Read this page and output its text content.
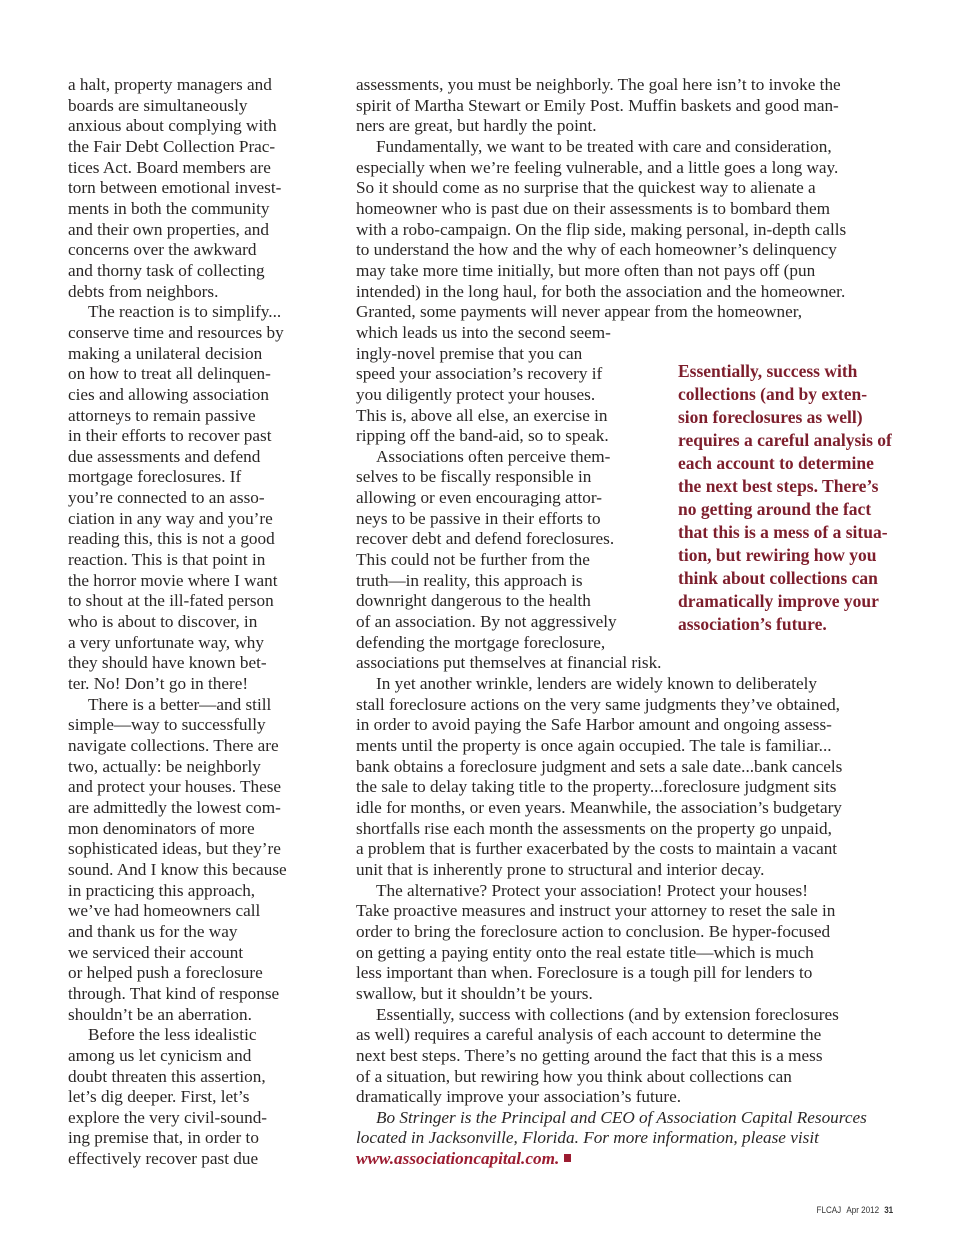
a halt, property managers and
boards are simultaneously
anxious about complying with
the Fair Debt Collection Prac-
tices Act. Board members are
torn between emotional invest-
ments in both the community
and their own properties, and
concerns over the awkward
and thorny task of collecting
debts from neighbors.
The reaction is to simplify...
conserve time and resources by
making a unilateral decision
on how to treat all delinquen-
cies and allowing association
attorneys to remain passive
in their efforts to recover past
due assessments and defend
mortgage foreclosures. If
you’re connected to an asso-
ciation in any way and you’re
reading this, this is not a good
reaction. This is that point in
the horror movie where I want
to shout at the ill-fated person
who is about to discover, in
a very unfortunate way, why
they should have known bet-
ter. No! Don’t go in there!
There is a better—and still
simple—way to successfully
navigate collections. There are
two, actually: be neighborly
and protect your houses. These
are admittedly the lowest com-
mon denominators of more
sophisticated ideas, but they’re
sound. And I know this because
in practicing this approach,
we’ve had homeowners call
and thank us for the way
we serviced their account
or helped push a foreclosure
through. That kind of response
shouldn’t be an aberration.
Before the less idealistic
among us let cynicism and
doubt threaten this assertion,
let’s dig deeper. First, let’s
explore the very civil-sound-
ing premise that, in order to
effectively recover past due
assessments, you must be neighborly. The goal here isn’t to invoke the
spirit of Martha Stewart or Emily Post. Muffin baskets and good man-
ners are great, but hardly the point.
Fundamentally, we want to be treated with care and consideration,
especially when we’re feeling vulnerable, and a little goes a long way.
So it should come as no surprise that the quickest way to alienate a
homeowner who is past due on their assessments is to bombard them
with a robo-campaign. On the flip side, making personal, in-depth calls
to understand the how and the why of each homeowner’s delinquency
may take more time initially, but more often than not pays off (pun
intended) in the long haul, for both the association and the homeowner.
Granted, some payments will never appear from the homeowner,
which leads us into the second seem-
ingly-novel premise that you can
speed your association’s recovery if
you diligently protect your houses.
This is, above all else, an exercise in
ripping off the band-aid, so to speak.
Associations often perceive them-
selves to be fiscally responsible in
allowing or even encouraging attor-
neys to be passive in their efforts to
recover debt and defend foreclosures.
This could not be further from the
truth—in reality, this approach is
downright dangerous to the health
of an association. By not aggressively
defending the mortgage foreclosure,
associations put themselves at financial risk.
In yet another wrinkle, lenders are widely known to deliberately
stall foreclosure actions on the very same judgments they’ve obtained,
in order to avoid paying the Safe Harbor amount and ongoing assess-
ments until the property is once again occupied. The tale is familiar...
bank obtains a foreclosure judgment and sets a sale date...bank cancels
the sale to delay taking title to the property...foreclosure judgment sits
idle for months, or even years. Meanwhile, the association’s budgetary
shortfalls rise each month the assessments on the property go unpaid,
a problem that is further exacerbated by the costs to maintain a vacant
unit that is inherently prone to structural and interior decay.
The alternative? Protect your association! Protect your houses!
Take proactive measures and instruct your attorney to reset the sale in
order to bring the foreclosure action to conclusion. Be hyper-focused
on getting a paying entity onto the real estate title—which is much
less important than when. Foreclosure is a tough pill for lenders to
swallow, but it shouldn’t be yours.
Essentially, success with collections (and by extension foreclosures
as well) requires a careful analysis of each account to determine the
next best steps. There’s no getting around the fact that this is a mess
of a situation, but rewiring how you think about collections can
dramatically improve your association’s future.
Bo Stringer is the Principal and CEO of Association Capital Resources
located in Jacksonville, Florida. For more information, please visit
www.associationcapital.com.
Essentially, success with
collections (and by exten-
sion foreclosures as well)
requires a careful analysis of
each account to determine
the next best steps. There’s
no getting around the fact
that this is a mess of a situa-
tion, but rewiring how you
think about collections can
dramatically improve your
association’s future.
FLCAJ Apr 2012 31
